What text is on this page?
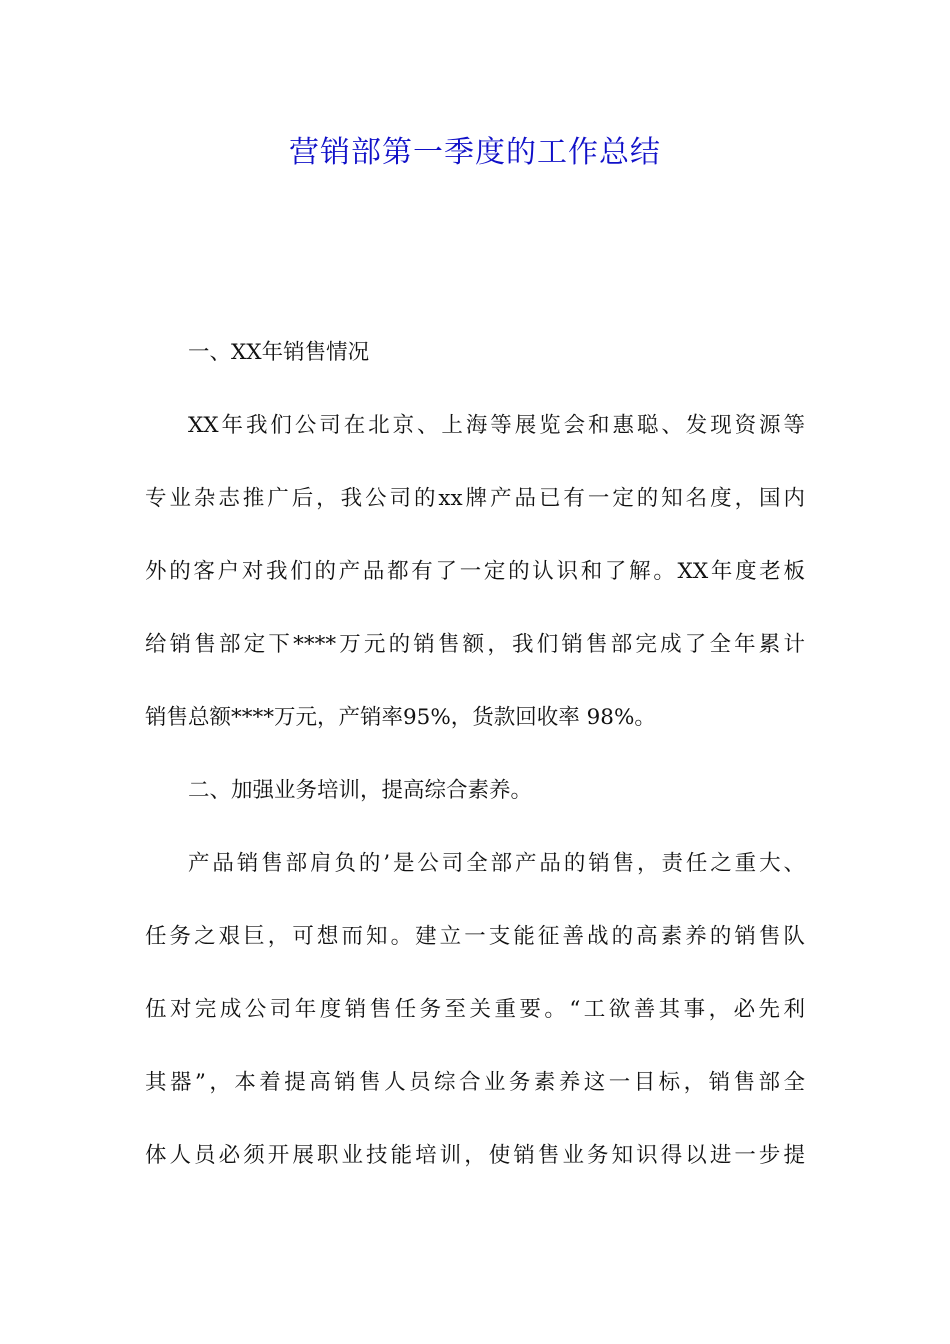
营销部第一季度的工作总结
一、XX年销售情况
XX年我们公司在北京、上海等展览会和惠聪、发现资源等
专业杂志推广后，我公司的xx牌产品已有一定的知名度，国内
外的客户对我们的产品都有了一定的认识和了解。XX年度老板
给销售部定下****万元的销售额，我们销售部完成了全年累计
销售总额****万元，产销率95%，货款回收率 98%。
二、加强业务培训，提高综合素养。
产品销售部肩负的’是公司全部产品的销售，责任之重大、
任务之艰巨，可想而知。建立一支能征善战的高素养的销售队
伍对完成公司年度销售任务至关重要。“工欲善其事，必先利
其器”，本着提高销售人员综合业务素养这一目标，销售部全
体人员必须开展职业技能培训，使销售业务知识得以进一步提
